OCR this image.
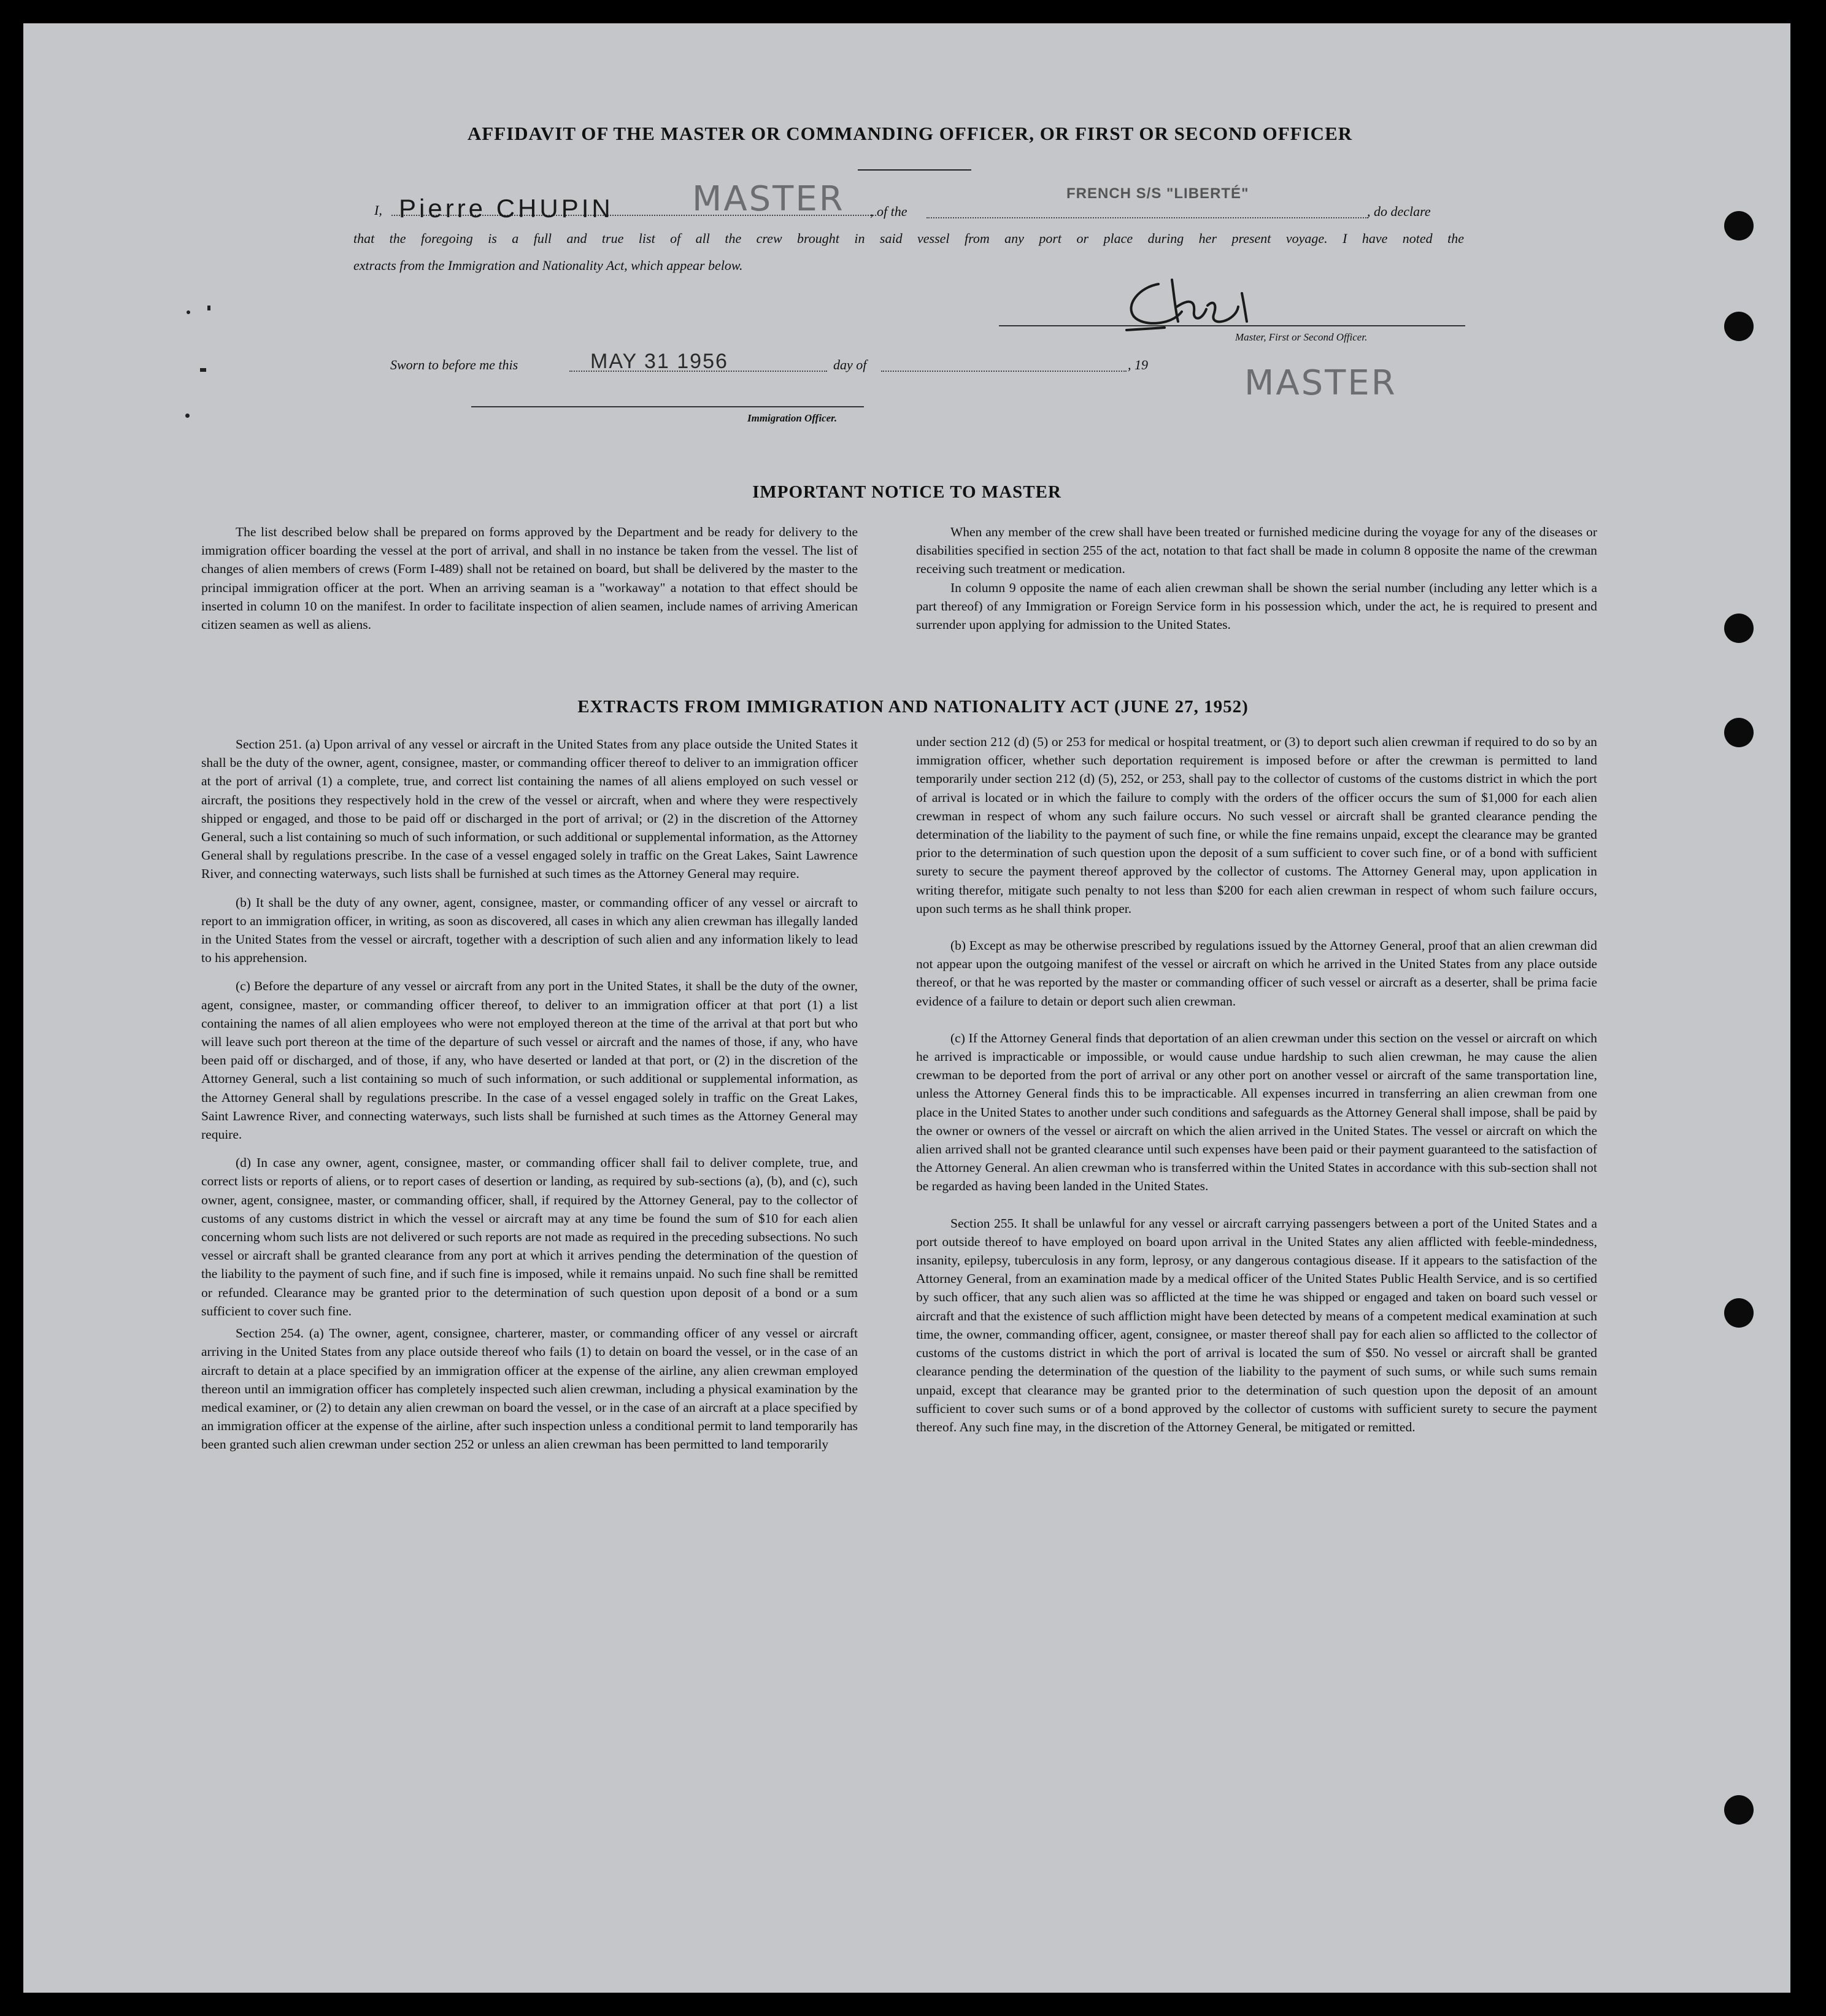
AFFIDAVIT OF THE MASTER OR COMMANDING OFFICER, OR FIRST OR SECOND OFFICER
I, Pierre CHUPIN MASTER , of the
FRENCH S/S "LIBERTÉ"
, do declare
that the foregoing is a full and true list of all the crew brought in said vessel from any port or place during her present voyage. I have noted the
extracts from the Immigration and Nationality Act, which appear below.
Master, First or Second Officer.
Sworn to before me this	MAY 31 1956	day of	, 19	MASTER
Immigration Officer.
IMPORTANT NOTICE TO MASTER

The list described below shall be prepared on forms approved by the Department and be ready for delivery to the immigration officer boarding the vessel at the port of arrival, and shall in no instance be taken from the vessel. The list of changes of alien members of crews (Form I-489) shall not be retained on board, but shall be delivered by the master to the principal immigration officer at the port. When an arriving seaman is a "workaway" a notation to that effect should be inserted in column 10 on the manifest. In order to facilitate inspection of alien seamen, include names of arriving American citizen seamen as well as aliens.

When any member of the crew shall have been treated or furnished medicine during the voyage for any of the diseases or disabilities specified in section 255 of the act, notation to that fact shall be made in column 8 opposite the name of the crewman receiving such treatment or medication.

In column 9 opposite the name of each alien crewman shall be shown the serial number (including any letter which is a part thereof) of any Immigration or Foreign Service form in his possession which, under the act, he is required to present and surrender upon applying for admission to the United States.

EXTRACTS FROM IMMIGRATION AND NATIONALITY ACT (JUNE 27, 1952)

Section 251. (a) Upon arrival of any vessel or aircraft in the United States from any place outside the United States it shall be the duty of the owner, agent, consignee, master, or commanding officer thereof to deliver to an immigration officer at the port of arrival (1) a complete, true, and correct list containing the names of all aliens employed on such vessel or aircraft, the positions they respectively hold in the crew of the vessel or aircraft, when and where they were respectively shipped or engaged, and those to be paid off or discharged in the port of arrival; or (2) in the discretion of the Attorney General, such a list containing so much of such information, or such additional or supplemental information, as the Attorney General shall by regulations prescribe. In the case of a vessel engaged solely in traffic on the Great Lakes, Saint Lawrence River, and connecting waterways, such lists shall be furnished at such times as the Attorney General may require.

(b) It shall be the duty of any owner, agent, consignee, master, or commanding officer of any vessel or aircraft to report to an immigration officer, in writing, as soon as discovered, all cases in which any alien crewman has illegally landed in the United States from the vessel or aircraft, together with a description of such alien and any information likely to lead to his apprehension.

(c) Before the departure of any vessel or aircraft from any port in the United States, it shall be the duty of the owner, agent, consignee, master, or commanding officer thereof, to deliver to an immigration officer at that port (1) a list containing the names of all alien employees who were not employed thereon at the time of the arrival at that port but who will leave such port thereon at the time of the departure of such vessel or aircraft and the names of those, if any, who have been paid off or discharged, and of those, if any, who have deserted or landed at that port, or (2) in the discretion of the Attorney General, such a list containing so much of such information, or such additional or supplemental information, as the Attorney General shall by regulations prescribe. In the case of a vessel engaged solely in traffic on the Great Lakes, Saint Lawrence River, and connecting waterways, such lists shall be furnished at such times as the Attorney General may require.

(d) In case any owner, agent, consignee, master, or commanding officer shall fail to deliver complete, true, and correct lists or reports of aliens, or to report cases of desertion or landing, as required by sub-sections (a), (b), and (c), such owner, agent, consignee, master, or commanding officer, shall, if required by the Attorney General, pay to the collector of customs of any customs district in which the vessel or aircraft may at any time be found the sum of $10 for each alien concerning whom such lists are not delivered or such reports are not made as required in the preceding subsections. No such vessel or aircraft shall be granted clearance from any port at which it arrives pending the determination of the question of the liability to the payment of such fine, and if such fine is imposed, while it remains unpaid. No such fine shall be remitted or refunded. Clearance may be granted prior to the determination of such question upon deposit of a bond or a sum sufficient to cover such fine.

Section 254. (a) The owner, agent, consignee, charterer, master, or commanding officer of any vessel or aircraft arriving in the United States from any place outside thereof who fails (1) to detain on board the vessel, or in the case of an aircraft to detain at a place specified by an immigration officer at the expense of the airline, any alien crewman employed thereon until an immigration officer has completely inspected such alien crewman, including a physical examination by the medical examiner, or (2) to detain any alien crewman on board the vessel, or in the case of an aircraft at a place specified by an immigration officer at the expense of the airline, after such inspection unless a conditional permit to land temporarily has been granted such alien crewman under section 252 or unless an alien crewman has been permitted to land temporarily

under section 212 (d) (5) or 253 for medical or hospital treatment, or (3) to deport such alien crewman if required to do so by an immigration officer, whether such deportation requirement is imposed before or after the crewman is permitted to land temporarily under section 212 (d) (5), 252, or 253, shall pay to the collector of customs of the customs district in which the port of arrival is located or in which the failure to comply with the orders of the officer occurs the sum of $1,000 for each alien crewman in respect of whom any such failure occurs. No such vessel or aircraft shall be granted clearance pending the determination of the liability to the payment of such fine, or while the fine remains unpaid, except the clearance may be granted prior to the determination of such question upon the deposit of a sum sufficient to cover such fine, or of a bond with sufficient surety to secure the payment thereof approved by the collector of customs. The Attorney General may, upon application in writing therefor, mitigate such penalty to not less than $200 for each alien crewman in respect of whom such failure occurs, upon such terms as he shall think proper.

(b) Except as may be otherwise prescribed by regulations issued by the Attorney General, proof that an alien crewman did not appear upon the outgoing manifest of the vessel or aircraft on which he arrived in the United States from any place outside thereof, or that he was reported by the master or commanding officer of such vessel or aircraft as a deserter, shall be prima facie evidence of a failure to detain or deport such alien crewman.

(c) If the Attorney General finds that deportation of an alien crewman under this section on the vessel or aircraft on which he arrived is impracticable or impossible, or would cause undue hardship to such alien crewman, he may cause the alien crewman to be deported from the port of arrival or any other port on another vessel or aircraft of the same transportation line, unless the Attorney General finds this to be impracticable. All expenses incurred in transferring an alien crewman from one place in the United States to another under such conditions and safeguards as the Attorney General shall impose, shall be paid by the owner or owners of the vessel or aircraft on which the alien arrived in the United States. The vessel or aircraft on which the alien arrived shall not be granted clearance until such expenses have been paid or their payment guaranteed to the satisfaction of the Attorney General. An alien crewman who is transferred within the United States in accordance with this sub-section shall not be regarded as having been landed in the United States.

Section 255. It shall be unlawful for any vessel or aircraft carrying passengers between a port of the United States and a port outside thereof to have employed on board upon arrival in the United States any alien afflicted with feeble-mindedness, insanity, epilepsy, tuberculosis in any form, leprosy, or any dangerous contagious disease. If it appears to the satisfaction of the Attorney General, from an examination made by a medical officer of the United States Public Health Service, and is so certified by such officer, that any such alien was so afflicted at the time he was shipped or engaged and taken on board such vessel or aircraft and that the existence of such affliction might have been detected by means of a competent medical examination at such time, the owner, commanding officer, agent, consignee, or master thereof shall pay for each alien so afflicted to the collector of customs of the customs district in which the port of arrival is located the sum of $50. No vessel or aircraft shall be granted clearance pending the determination of the question of the liability to the payment of such sums, or while such sums remain unpaid, except that clearance may be granted prior to the determination of such question upon the deposit of an amount sufficient to cover such sums or of a bond approved by the collector of customs with sufficient surety to secure the payment thereof. Any such fine may, in the discretion of the Attorney General, be mitigated or remitted.
